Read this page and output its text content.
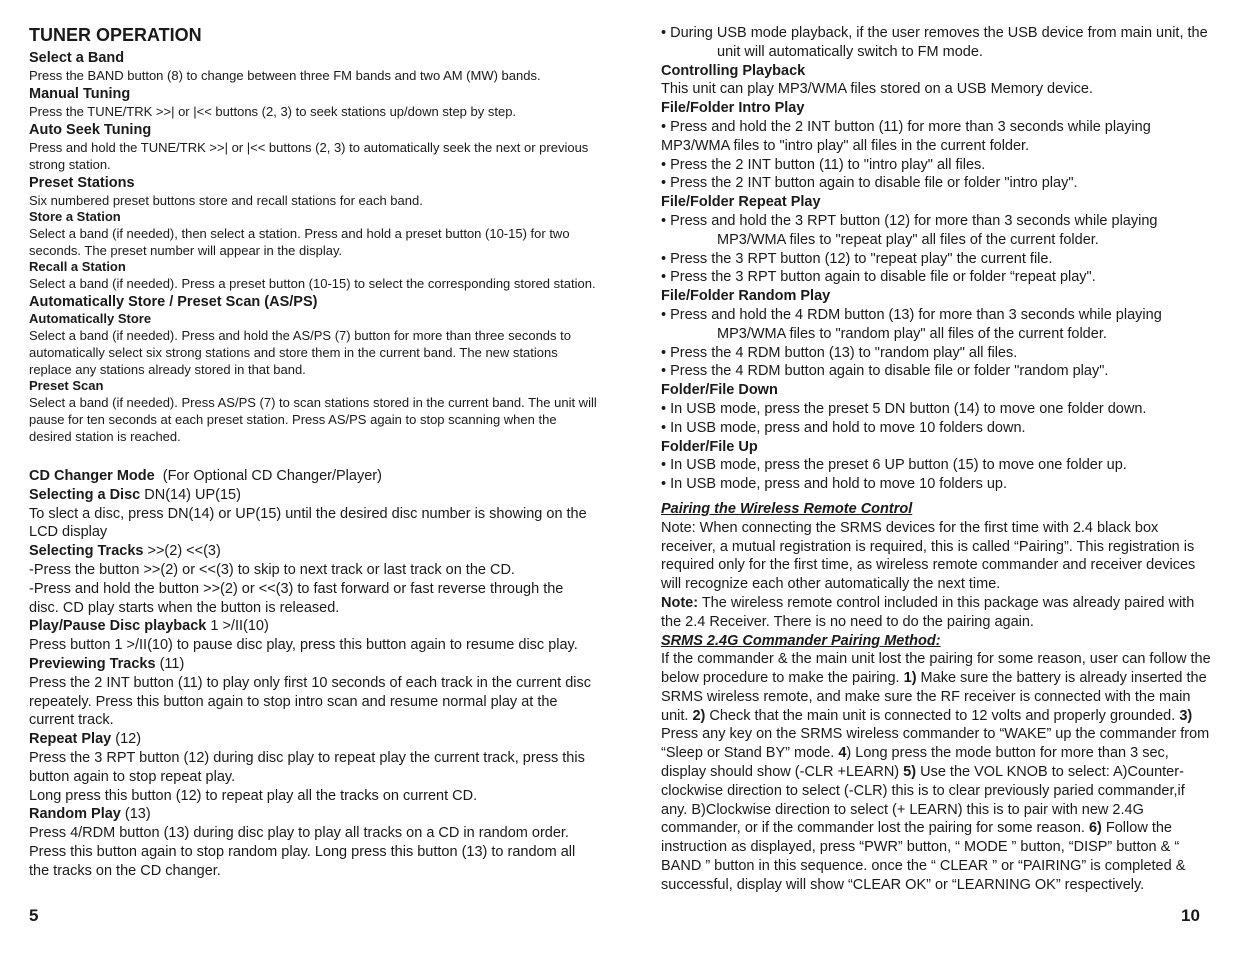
TUNER OPERATION
Select a Band
Press the BAND button (8) to change between three FM bands and two AM (MW) bands.
Manual Tuning
Press the TUNE/TRK >>| or |<< buttons (2, 3) to seek stations up/down step by step.
Auto Seek Tuning
Press and hold the TUNE/TRK >>| or |<< buttons (2, 3) to automatically seek the next or previous strong station.
Preset Stations
Six numbered preset buttons store and recall stations for each band.
Store a Station
Select a band (if needed), then select a station. Press and hold a preset button (10-15) for two seconds. The preset number will appear in the display.
Recall a Station
Select a band (if needed). Press a preset button (10-15) to select the corresponding stored station.
Automatically Store / Preset Scan (AS/PS)
Automatically Store
Select a band (if needed). Press and hold the AS/PS (7) button for more than three seconds to automatically select six strong stations and store them in the current band. The new stations replace any stations already stored in that band.
Preset Scan
Select a band (if needed). Press AS/PS (7) to scan stations stored in the current band. The unit will pause for ten seconds at each preset station. Press AS/PS again to stop scanning when the desired station is reached.
CD Changer Mode (For Optional CD Changer/Player)
Selecting a Disc DN(14) UP(15)
To slect a disc, press DN(14) or UP(15) until the desired disc number is showing on the LCD display
Selecting Tracks >>(2) <<(3)
-Press the button >>(2) or <<(3) to skip to next track or last track on the CD.
-Press and hold the button >>(2) or <<(3) to fast forward or fast reverse through the disc. CD play starts when the button is released.
Play/Pause Disc playback 1 >/II(10)
Press button 1 >/II(10) to pause disc play, press this button again to resume disc play.
Previewing Tracks (11)
Press the 2 INT button (11) to play only first 10 seconds of each track in the current disc repeately. Press this button again to stop intro scan and resume normal play at the current track.
Repeat Play (12)
Press the 3 RPT button (12) during disc play to repeat play the current track, press this button again to stop repeat play.
Long press this button (12) to repeat play all the tracks on current CD.
Random Play (13)
Press 4/RDM button (13) during disc play to play all tracks on a CD in random order. Press this button again to stop random play. Long press this button (13) to random all the tracks on the CD changer.
• During USB mode playback, if the user removes the USB device from main unit, the unit will automatically switch to FM mode.
Controlling Playback
This unit can play MP3/WMA files stored on a USB Memory device.
File/Folder Intro Play
• Press and hold the 2 INT button (11) for more than 3 seconds while playing MP3/WMA files to "intro play" all files in the current folder.
• Press the 2 INT button (11) to "intro play" all files.
• Press the 2 INT button again to disable file or folder "intro play".
File/Folder Repeat Play
• Press and hold the 3 RPT button (12) for more than 3 seconds while playing MP3/WMA files to "repeat play" all files of the current folder.
• Press the 3 RPT button (12) to "repeat play" the current file.
• Press the 3 RPT button again to disable file or folder “repeat play".
File/Folder Random Play
• Press and hold the 4 RDM button (13) for more than 3 seconds while playing MP3/WMA files to "random play" all files of the current folder.
• Press the 4 RDM button (13) to "random play" all files.
• Press the 4 RDM button again to disable file or folder "random play".
Folder/File Down
• In USB mode, press the preset 5 DN button (14) to move one folder down.
• In USB mode, press and hold to move 10 folders down.
Folder/File Up
• In USB mode, press the preset 6 UP button (15) to move one folder up.
• In USB mode, press and hold to move 10 folders up.
Pairing the Wireless Remote Control
Note: When connecting the SRMS devices for the first time with 2.4 black box receiver, a mutual registration is required, this is called “Pairing”. This registration is required only for the first time, as wireless remote commander and receiver devices will recognize each other automatically the next time.
Note: The wireless remote control included in this package was already paired with the 2.4 Receiver. There is no need to do the pairing again.
SRMS 2.4G Commander Pairing Method:
If the commander & the main unit lost the pairing for some reason, user can follow the below procedure to make the pairing. 1) Make sure the battery is already inserted the SRMS wireless remote, and make sure the RF receiver is connected with the main unit. 2) Check that the main unit is connected to 12 volts and properly grounded. 3) Press any key on the SRMS wireless commander to “WAKE” up the commander from “Sleep or Stand BY” mode. 4) Long press the mode button for more than 3 sec, display should show (-CLR +LEARN) 5) Use the VOL KNOB to select: A)Counter-clockwise direction to select (-CLR) this is to clear previously paried commander,if any. B)Clockwise direction to select (+ LEARN) this is to pair with new 2.4G commander, or if the commander lost the pairing for some reason. 6) Follow the instruction as displayed, press “PWR” button, “ MODE ” button, “DISP” button & “ BAND ” button in this sequence. once the “ CLEAR ” or “PAIRING” is completed & successful, display will show “CLEAR OK” or “LEARNING OK” respectively.
5	10
